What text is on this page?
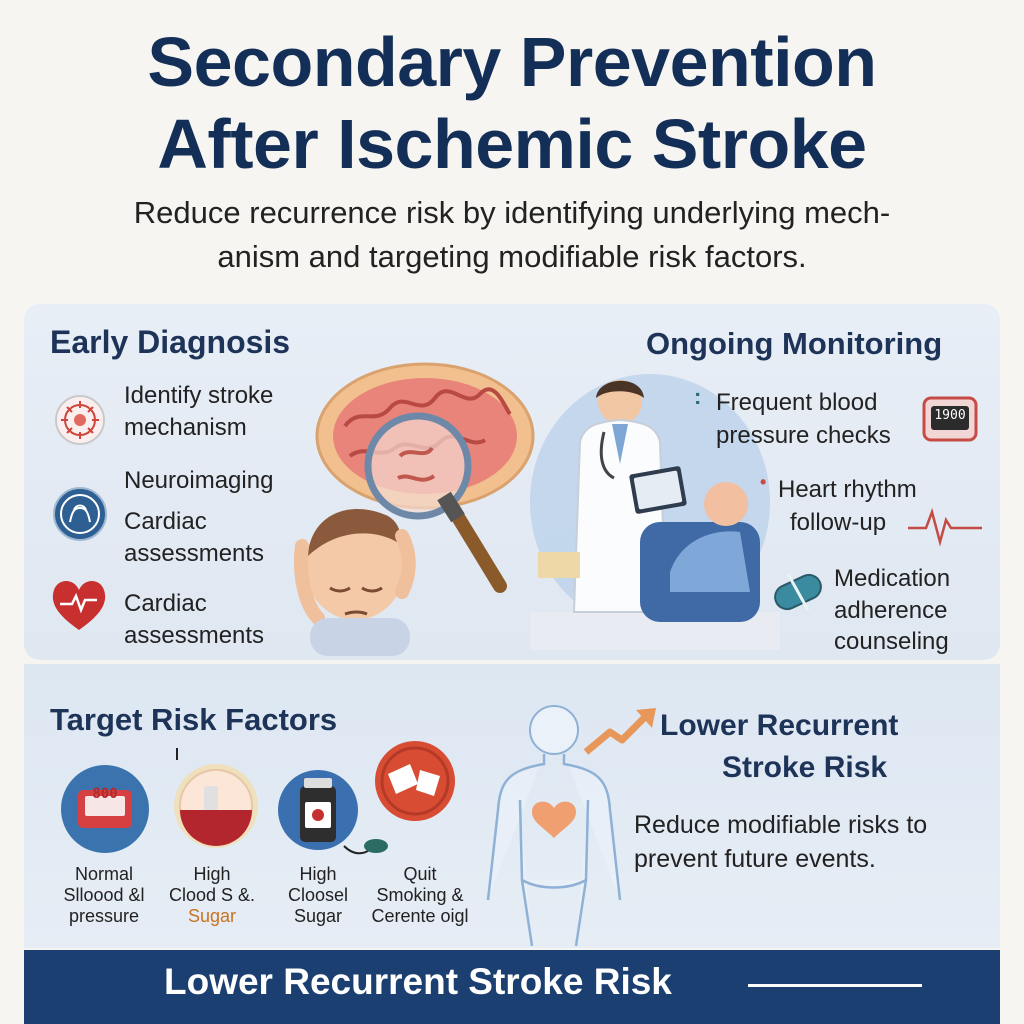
Secondary Prevention
After Ischemic Stroke
Reduce recurrence risk by identifying underlying mech-
anism and targeting modifiable risk factors.
Early Diagnosis
Identify stroke
mechanism
Neuroimaging
Cardiac
assessments
Cardiac
assessments
Ongoing Monitoring
: Frequent blood
pressure checks
1900
• Heart rhythm
follow-up
Medication
adherence
counseling
Target Risk Factors
800
Normal
Slloood &l
pressure
High
Clood S &.
Sugar
High
Cloosel
Sugar
Quit
Smoking &
Cerente oigl
Lower Recurrent
Stroke Risk
Reduce modifiable risks to
prevent future events.
Lower Recurrent Stroke Risk
